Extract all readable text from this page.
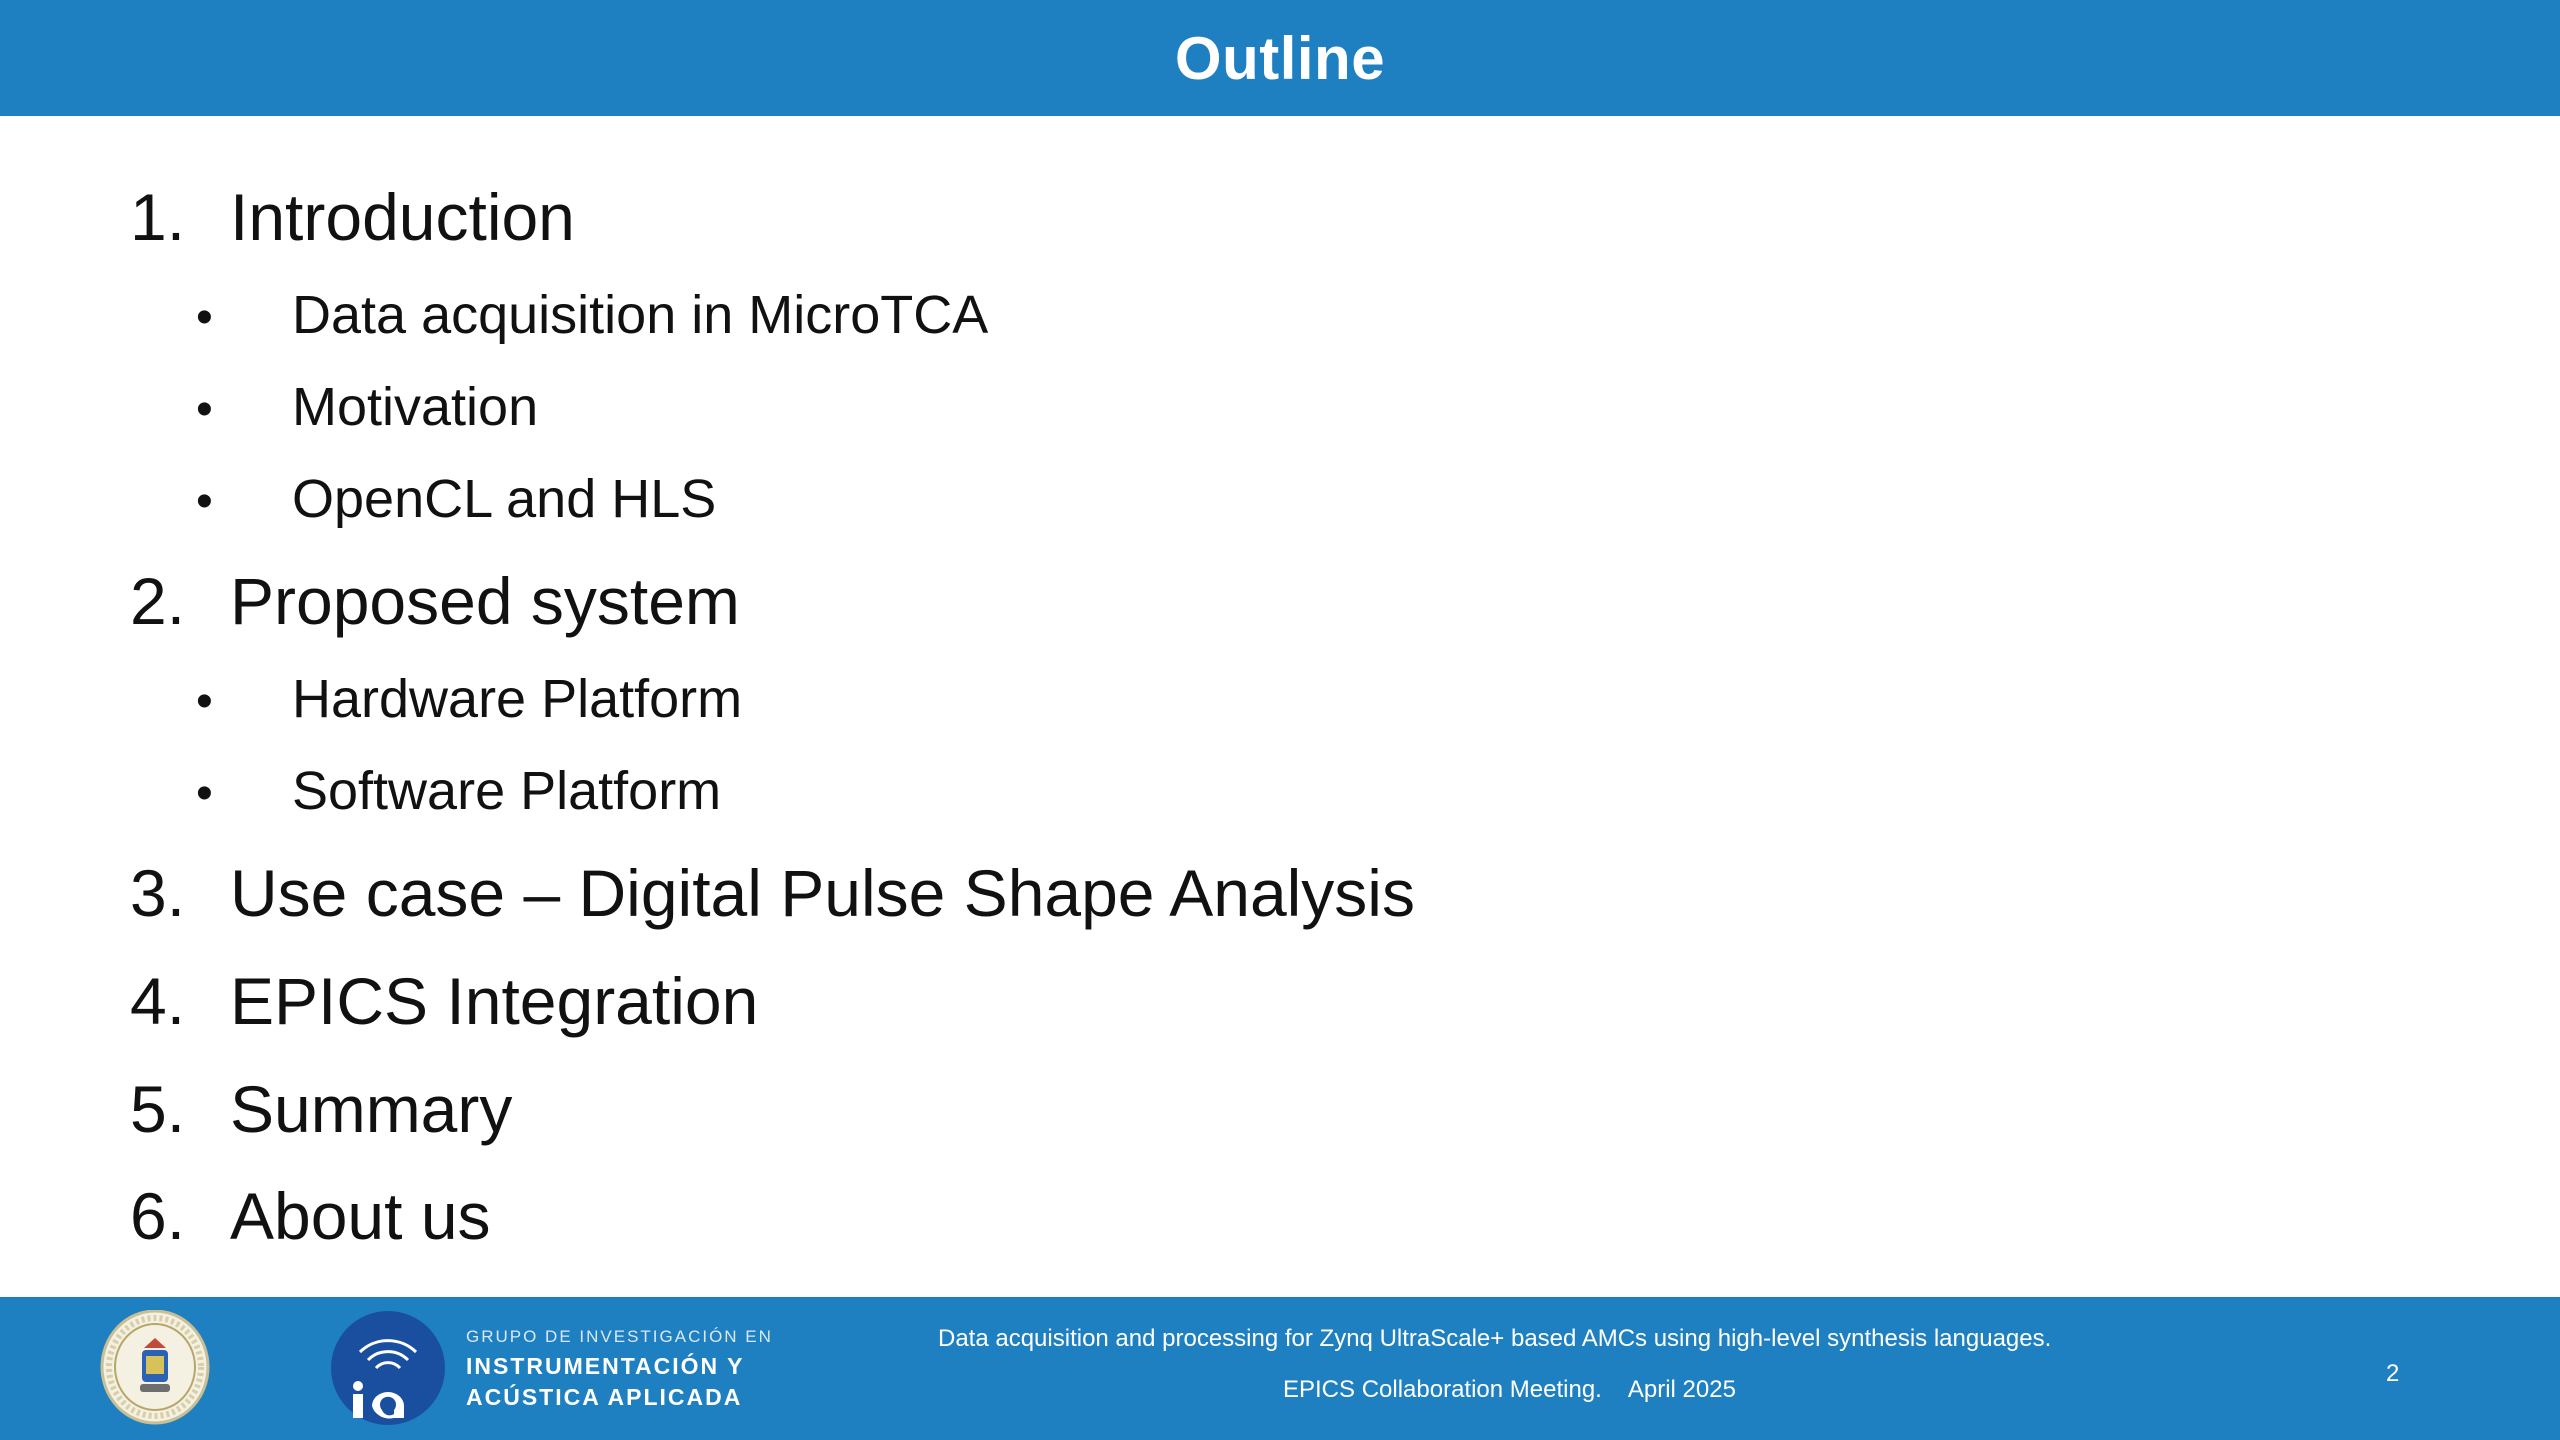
Outline
1. Introduction
•	Data acquisition in MicroTCA
•	Motivation
•	OpenCL and HLS
2. Proposed system
•	Hardware Platform
•	Software Platform
3. Use case – Digital Pulse Shape Analysis
4. EPICS Integration
5. Summary
6. About us
GRUPO DE INVESTIGACIÓN EN
INSTRUMENTACIÓN Y
ACÚSTICA APLICADA
Data acquisition and processing for Zynq UltraScale+ based AMCs using high-level synthesis languages.
EPICS Collaboration Meeting. April 2025
2
